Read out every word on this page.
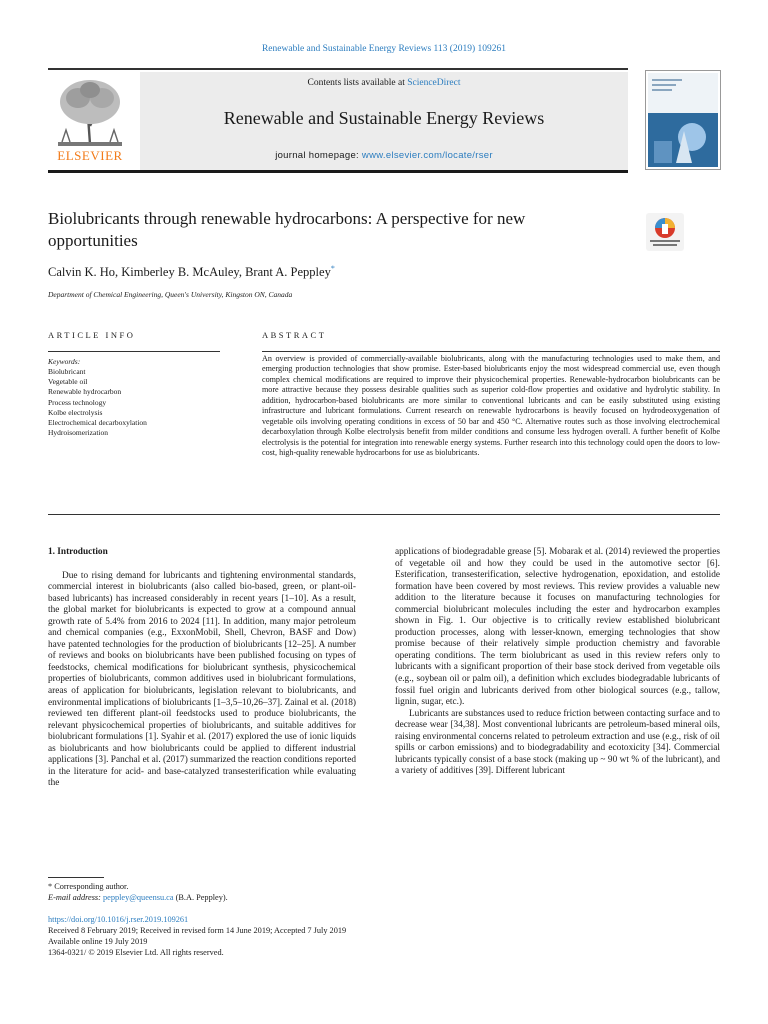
Renewable and Sustainable Energy Reviews 113 (2019) 109261
ELSEVIER
Contents lists available at ScienceDirect
Renewable and Sustainable Energy Reviews
journal homepage: www.elsevier.com/locate/rser
Biolubricants through renewable hydrocarbons: A perspective for new opportunities
Calvin K. Ho, Kimberley B. McAuley, Brant A. Peppley*
Department of Chemical Engineering, Queen's University, Kingston ON, Canada
ARTICLE INFO	ABSTRACT
Keywords:
Biolubricant
Vegetable oil
Renewable hydrocarbon
Process technology
Kolbe electrolysis
Electrochemical decarboxylation
Hydroisomerization
An overview is provided of commercially-available biolubricants, along with the manufacturing technologies used to make them, and emerging production technologies that show promise. Ester-based biolubricants enjoy the most widespread commercial use, even though complex chemical modifications are required to improve their physicochemical properties. Renewable-hydrocarbon biolubricants can be more attractive because they possess desirable qualities such as superior cold-flow properties and oxidative and hydrolytic stability. In addition, hydrocarbon-based biolubricants are more similar to conventional lubricants and can be easily substituted using existing infrastructure and lubricant formulations. Current research on renewable hydrocarbons is heavily focused on hydrodeoxygenation of vegetable oils involving operating conditions in excess of 50 bar and 450 °C. Alternative routes such as those involving electrochemical decarboxylation through Kolbe electrolysis benefit from milder conditions and consume less hydrogen overall. A further benefit of Kolbe electrolysis is the potential for integration into renewable energy systems. Further research into this technology could open the doors to low-cost, high-quality renewable hydrocarbons for use as biolubricants.
1. Introduction

Due to rising demand for lubricants and tightening environmental standards, commercial interest in biolubricants (also called bio-based, green, or plant-oil-based lubricants) has increased considerably in recent years [1–10]. As a result, the global market for biolubricants is expected to grow at a compound annual growth rate of 5.4% from 2016 to 2024 [11]. In addition, many major petroleum and chemical companies (e.g., ExxonMobil, Shell, Chevron, BASF and Dow) have patented technologies for the production of biolubricants [12–25]. A number of reviews and books on biolubricants have been published focusing on types of feedstocks, chemical modifications for biolubricant synthesis, physicochemical properties of biolubricants, common additives used in biolubricant formulations, areas of application for biolubricants, legislation relevant to biolubricants, and environmental implications of biolubricants [1–3,5–10,26–37]. Zainal et al. (2018) reviewed ten different plant-oil feedstocks used to produce biolubricants, the relevant physicochemical properties of biolubricants, and suitable additives for biolubricant formulations [1]. Syahir et al. (2017) explored the use of ionic liquids as biolubricants and how biolubricants could be applied to different industrial applications [3]. Panchal et al. (2017) summarized the reaction conditions reported in the literature for acid- and base-catalyzed transesterification while evaluating the

applications of biodegradable grease [5]. Mobarak et al. (2014) reviewed the properties of vegetable oil and how they could be used in the automotive sector [6]. Esterification, transesterification, selective hydrogenation, epoxidation, and estolide formation have been covered by most reviews. This review provides a valuable new addition to the literature because it focuses on manufacturing technologies for commercial biolubricant molecules including the ester and hydrocarbon examples shown in Fig. 1. Our objective is to critically review established biolubricant production processes, along with lesser-known, emerging technologies that show promise because of their relatively simple production chemistry and favorable operating conditions. The term biolubricant as used in this review refers only to lubricants with a significant proportion of their base stock derived from vegetable oils (e.g., soybean oil or palm oil), a definition which excludes biodegradable lubricants of fossil fuel origin and lubricants derived from other biological sources (e.g., tallow, lignin, sugar, etc.).

Lubricants are substances used to reduce friction between contacting surface and to decrease wear [34,38]. Most conventional lubricants are petroleum-based mineral oils, raising environmental concerns related to petroleum extraction and use (e.g., risk of oil spills or carbon emissions) and to biodegradability and ecotoxicity [34]. Commercial lubricants typically consist of a base stock (making up ~ 90 wt % of the lubricant), and a variety of additives [39]. Different lubricant

* Corresponding author.
E-mail address: peppley@queensu.ca (B.A. Peppley).
https://doi.org/10.1016/j.rser.2019.109261
Received 8 February 2019; Received in revised form 14 June 2019; Accepted 7 July 2019
Available online 19 July 2019
1364-0321/ © 2019 Elsevier Ltd. All rights reserved.
